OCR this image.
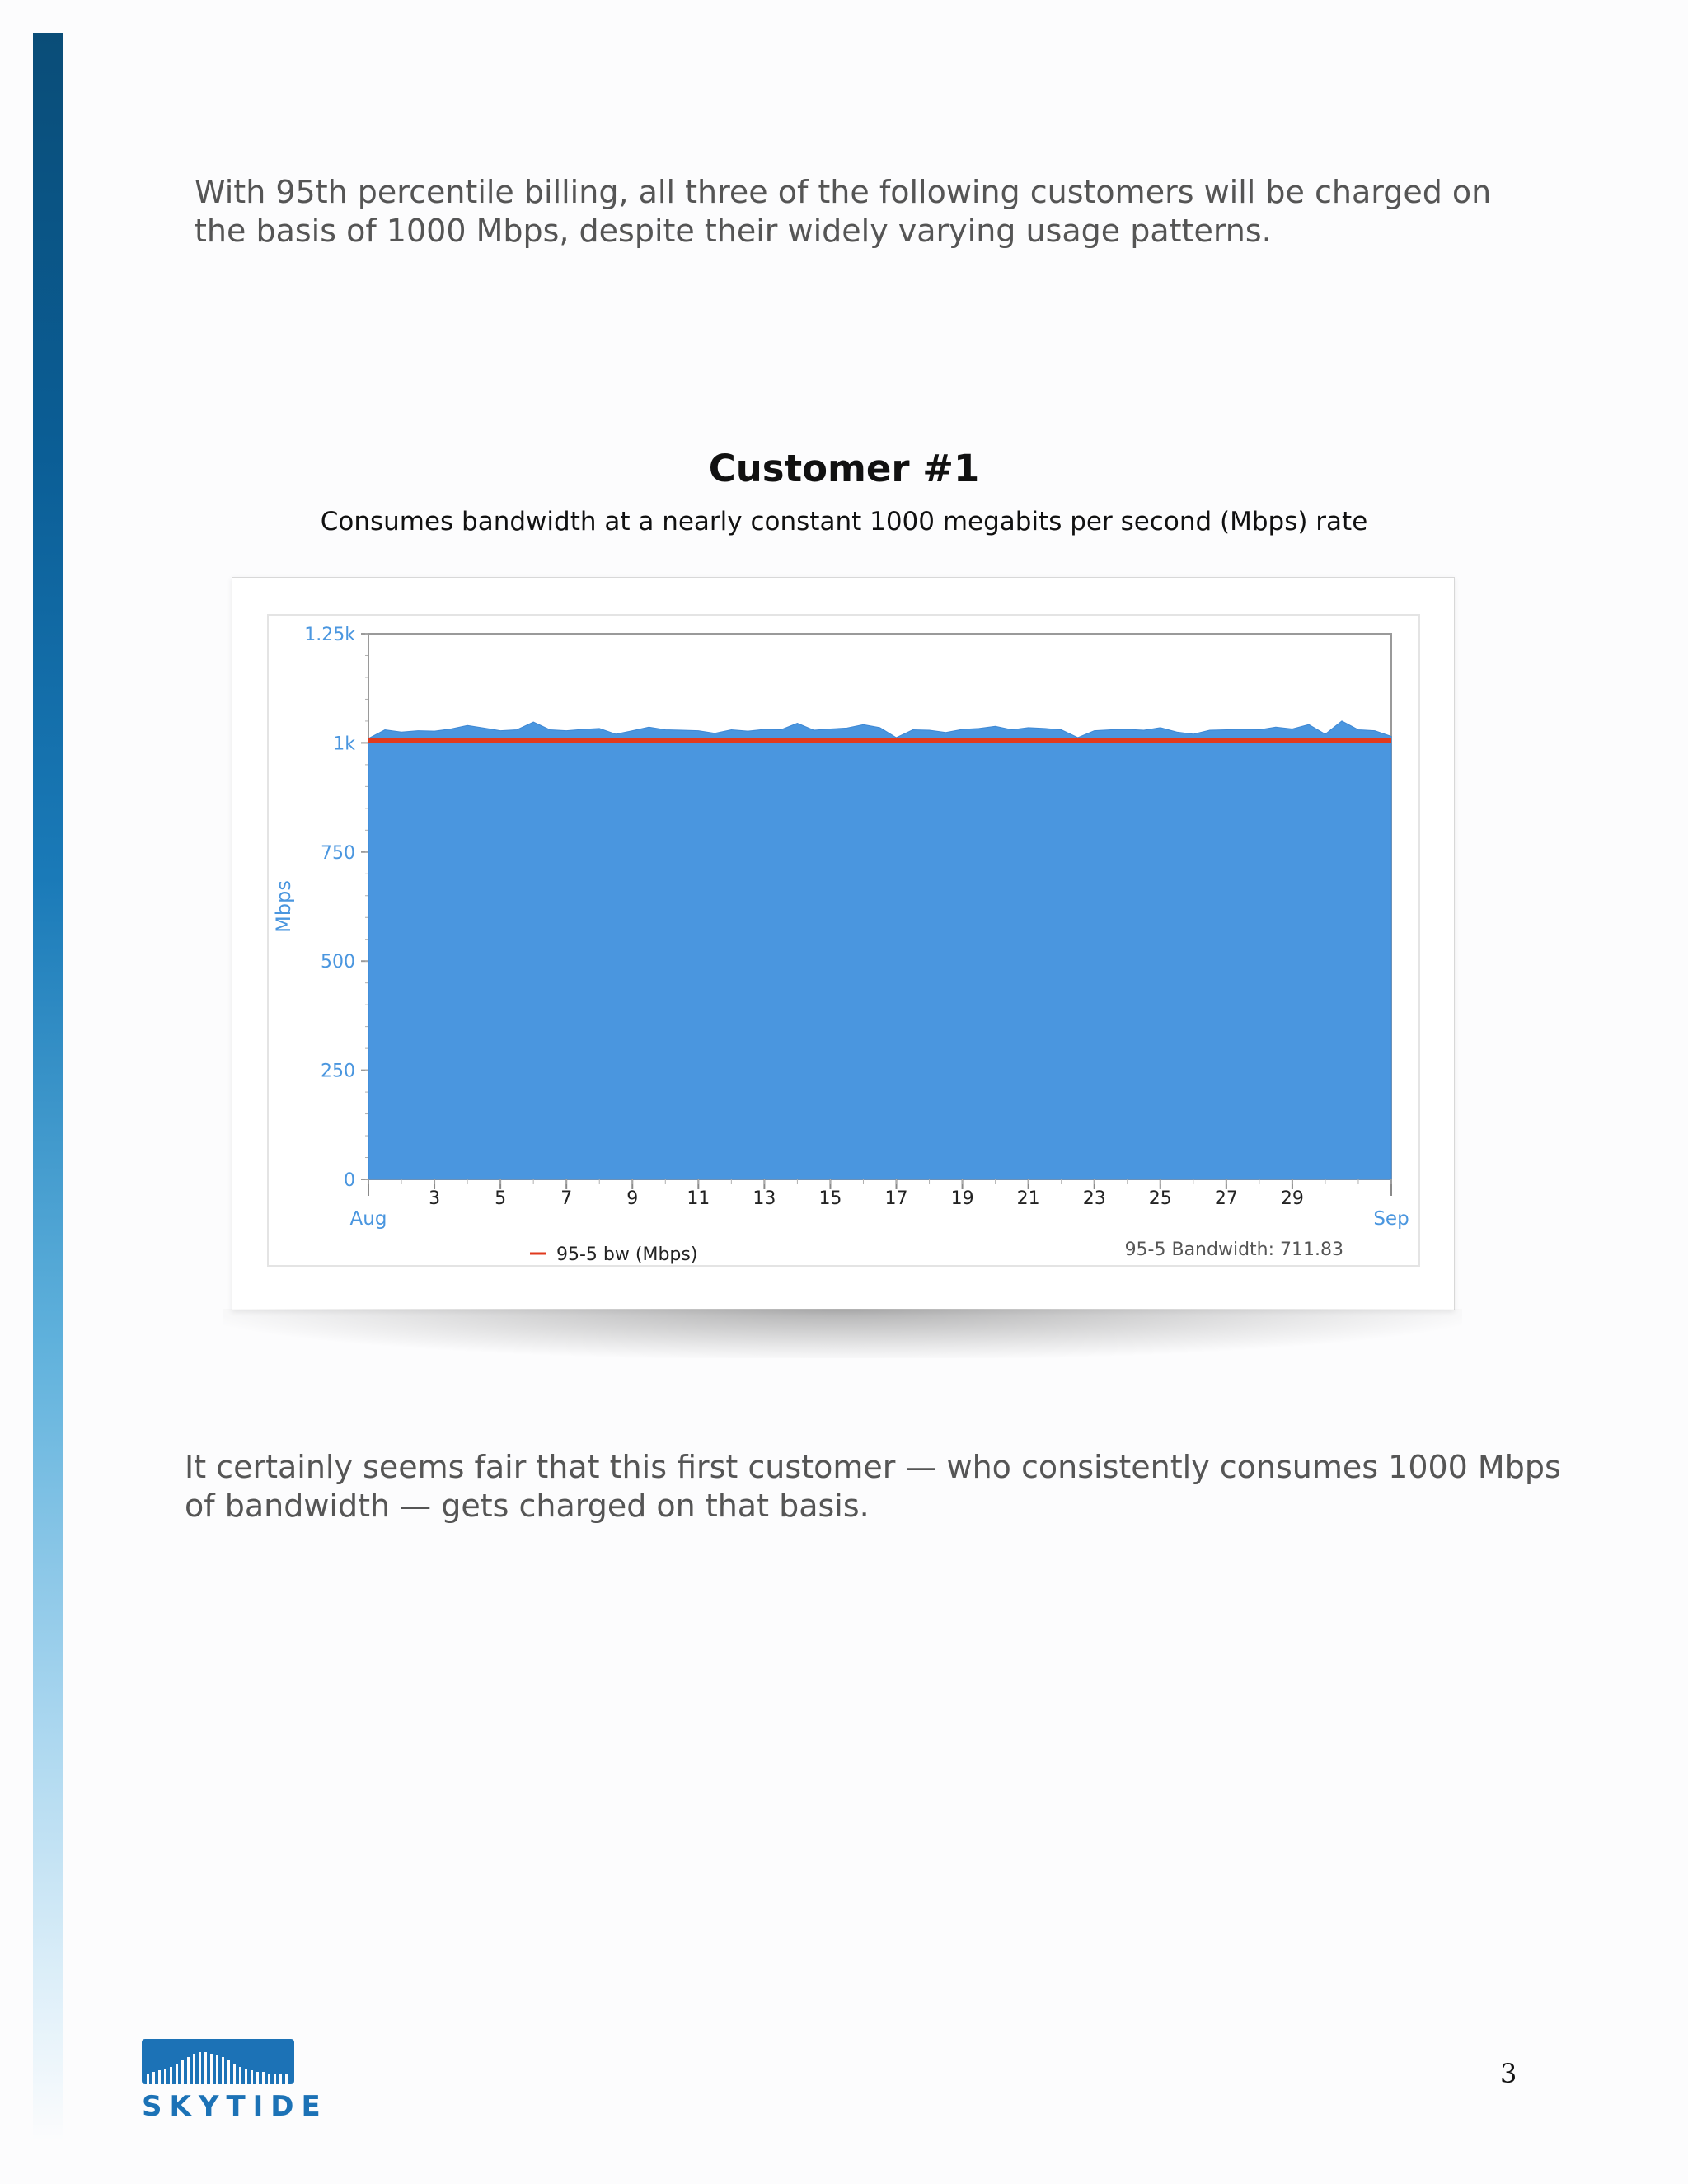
With 95th percentile billing, all three of the following customers will be charged on the basis of 1000 Mbps, despite their widely varying usage patterns.

Customer #1
Consumes bandwidth at a nearly constant 1000 megabits per second (Mbps) rate
0
250
500
750
1k
1.25k
Mbps
Aug
3	5	7	9	11 13 15 17 19 21 23 25 27 29
Sep
95-5 bw (Mbps)	95-5 Bandwidth: 711.83

It certainly seems fair that this first customer — who consistently consumes 1000 Mbps of bandwidth — gets charged on that basis.

SKYTIDE
3
